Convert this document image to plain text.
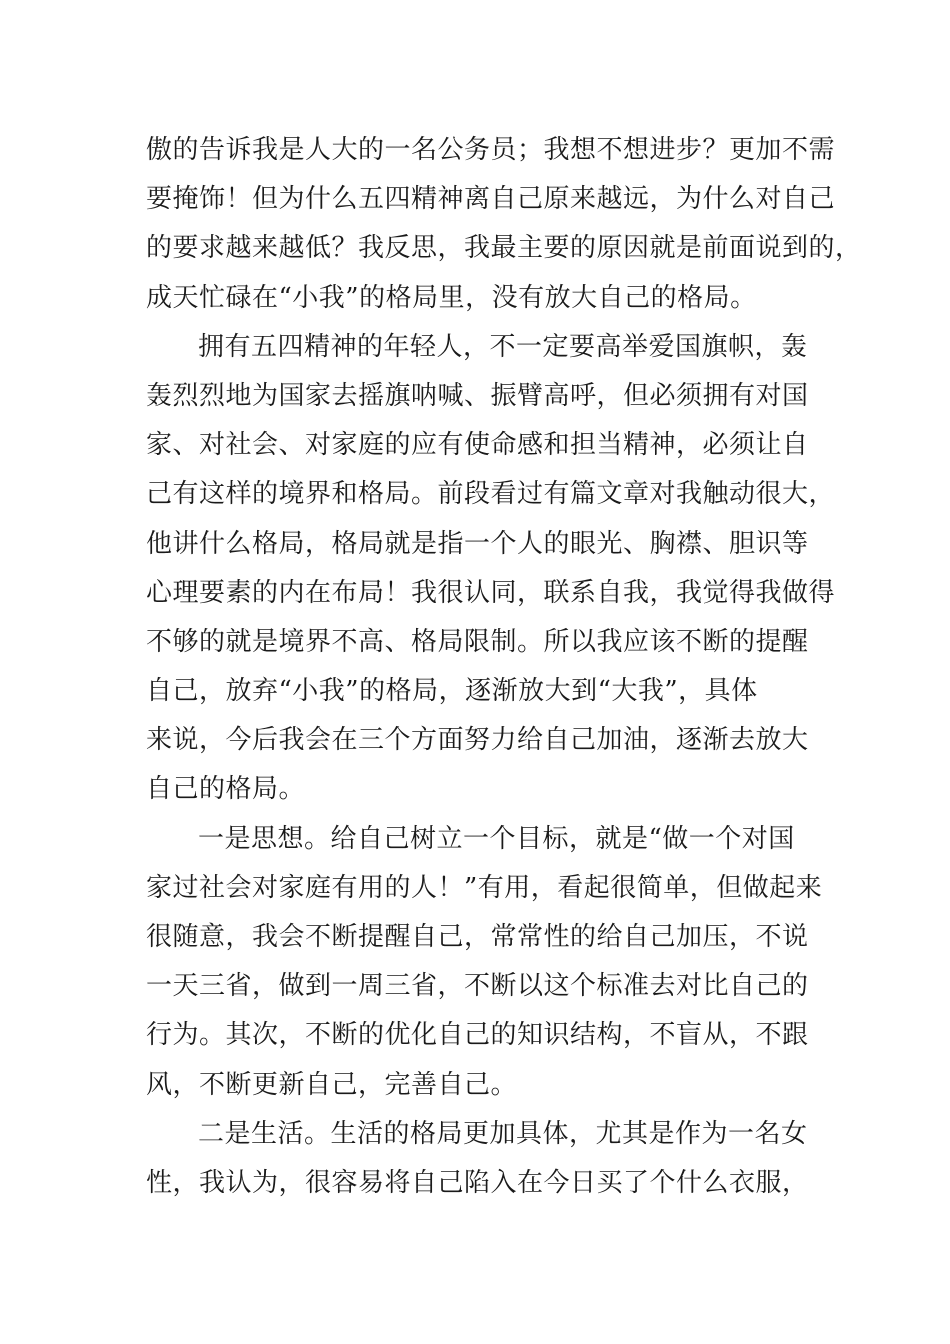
傲的告诉我是人大的一名公务员；我想不想进步？更加不需
要掩饰！但为什么五四精神离自己原来越远，为什么对自己
的要求越来越低？我反思，我最主要的原因就是前面说到的，
成天忙碌在“小我”的格局里，没有放大自己的格局。
拥有五四精神的年轻人，不一定要高举爱国旗帜，轰
轰烈烈地为国家去摇旗呐喊、振臂高呼，但必须拥有对国
家、对社会、对家庭的应有使命感和担当精神，必须让自
己有这样的境界和格局。前段看过有篇文章对我触动很大，
他讲什么格局，格局就是指一个人的眼光、胸襟、胆识等
心理要素的内在布局！我很认同，联系自我，我觉得我做得
不够的就是境界不高、格局限制。所以我应该不断的提醒
自己，放弃“小我”的格局，逐渐放大到“大我”，具体
来说，今后我会在三个方面努力给自己加油，逐渐去放大
自己的格局。
一是思想。给自己树立一个目标，就是“做一个对国
家过社会对家庭有用的人！”有用，看起很简单，但做起来
很随意，我会不断提醒自己，常常性的给自己加压，不说
一天三省，做到一周三省，不断以这个标准去对比自己的
行为。其次，不断的优化自己的知识结构，不盲从，不跟
风，不断更新自己，完善自己。
二是生活。生活的格局更加具体，尤其是作为一名女
性，我认为，很容易将自己陷入在今日买了个什么衣服，
